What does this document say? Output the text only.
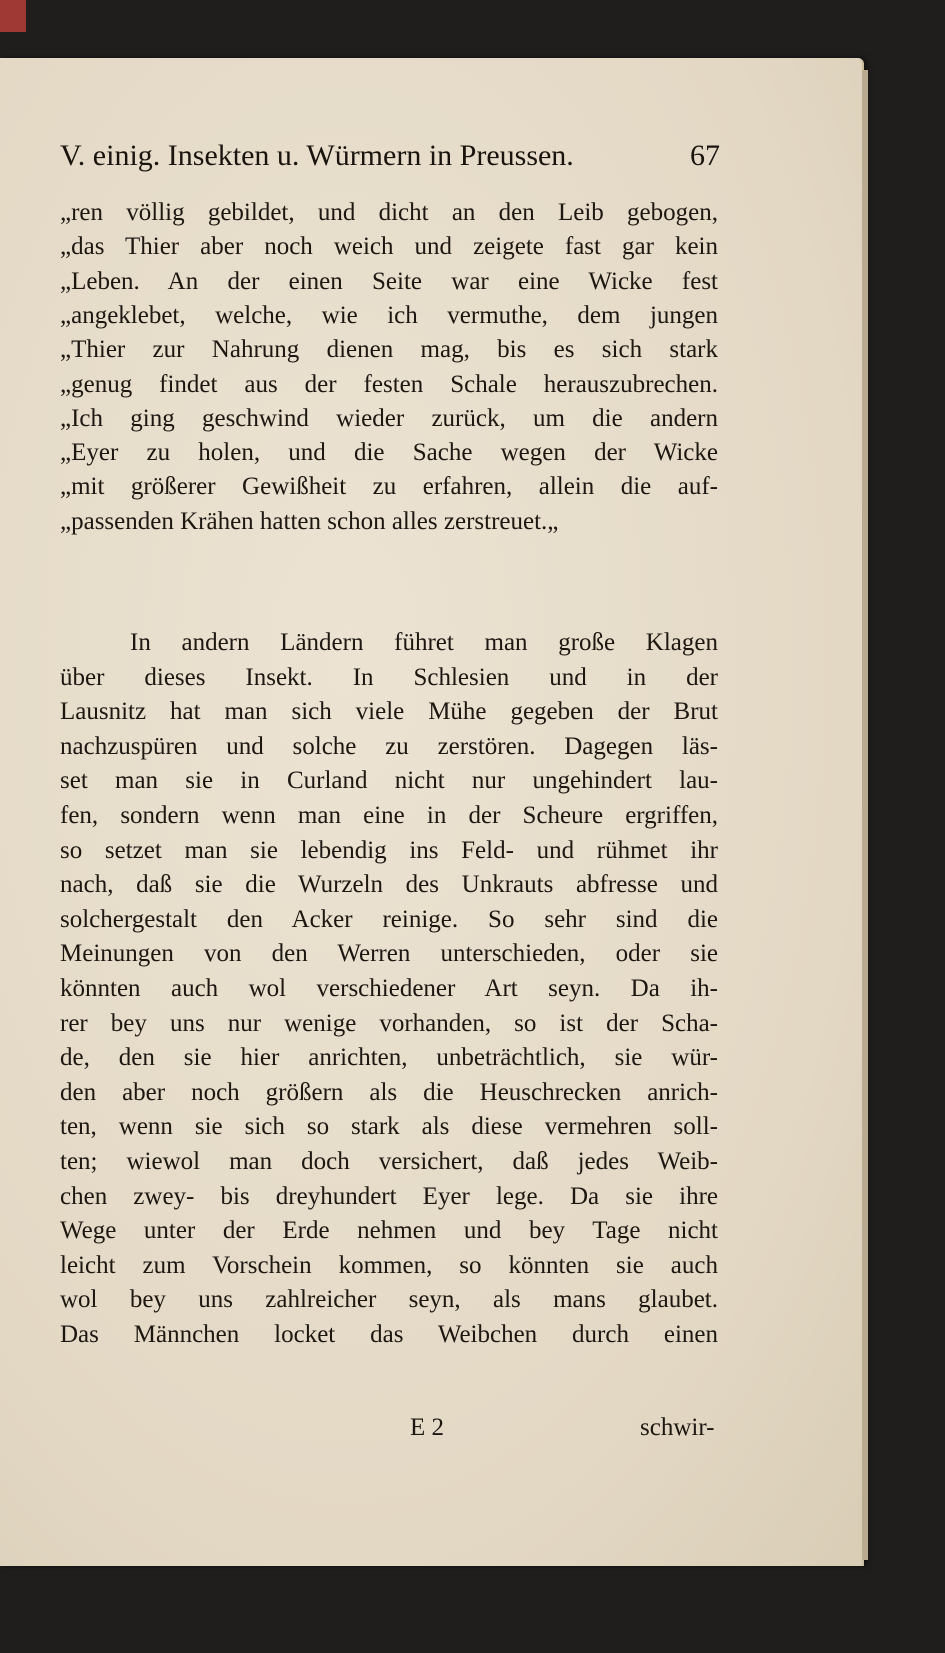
V. einig. Insekten u. Würmern in Preussen.	67
„ren völlig gebildet, und dicht an den Leib gebogen,
„das Thier aber noch weich und zeigete fast gar kein
„Leben. An der einen Seite war eine Wicke fest
„angeklebet, welche, wie ich vermuthe, dem jungen
„Thier zur Nahrung dienen mag, bis es sich stark
„genug findet aus der festen Schale herauszubrechen.
„Ich ging geschwind wieder zurück, um die andern
„Eyer zu holen, und die Sache wegen der Wicke
„mit größerer Gewißheit zu erfahren, allein die auf-
„passenden Krähen hatten schon alles zerstreuet.„
In andern Ländern führet man große Klagen
über dieses Insekt. In Schlesien und in der
Lausnitz hat man sich viele Mühe gegeben der Brut
nachzuspüren und solche zu zerstören. Dagegen läs-
set man sie in Curland nicht nur ungehindert lau-
fen, sondern wenn man eine in der Scheure ergriffen,
so setzet man sie lebendig ins Feld- und rühmet ihr
nach, daß sie die Wurzeln des Unkrauts abfresse und
solchergestalt den Acker reinige. So sehr sind die
Meinungen von den Werren unterschieden, oder sie
könnten auch wol verschiedener Art seyn. Da ih-
rer bey uns nur wenige vorhanden, so ist der Scha-
de, den sie hier anrichten, unbeträchtlich, sie wür-
den aber noch größern als die Heuschrecken anrich-
ten, wenn sie sich so stark als diese vermehren soll-
ten; wiewol man doch versichert, daß jedes Weib-
chen zwey- bis dreyhundert Eyer lege. Da sie ihre
Wege unter der Erde nehmen und bey Tage nicht
leicht zum Vorschein kommen, so könnten sie auch
wol bey uns zahlreicher seyn, als mans glaubet.
Das Männchen locket das Weibchen durch einen
E 2	schwir-
